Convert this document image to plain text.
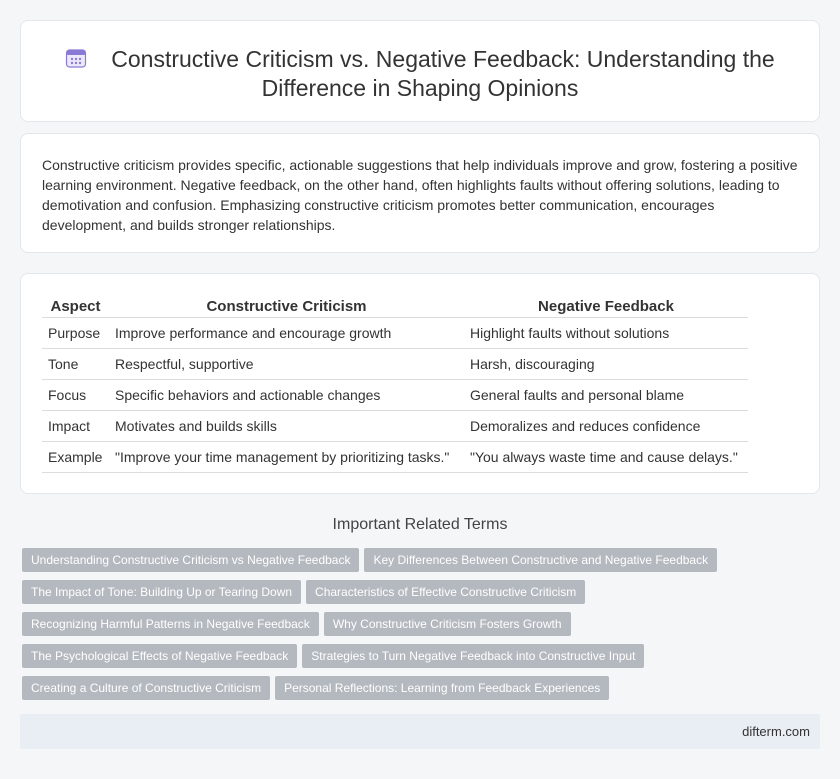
Constructive Criticism vs. Negative Feedback: Understanding the
Difference in Shaping Opinions

Constructive criticism provides specific, actionable suggestions that help individuals improve and grow, fostering a positive learning environment. Negative feedback, on the other hand, often highlights faults without offering solutions, leading to demotivation and confusion. Emphasizing constructive criticism promotes better communication, encourages development, and builds stronger relationships.

Aspect	Constructive Criticism	Negative Feedback
Purpose	Improve performance and encourage growth	Highlight faults without solutions
Tone	Respectful, supportive	Harsh, discouraging
Focus	Specific behaviors and actionable changes	General faults and personal blame
Impact	Motivates and builds skills	Demoralizes and reduces confidence
Example	"Improve your time management by prioritizing tasks."	"You always waste time and cause delays."
Important Related Terms
Understanding Constructive Criticism vs Negative Feedback Key Differences Between Constructive and Negative Feedback
The Impact of Tone: Building Up or Tearing Down Characteristics of Effective Constructive Criticism
Recognizing Harmful Patterns in Negative Feedback Why Constructive Criticism Fosters Growth
The Psychological Effects of Negative Feedback Strategies to Turn Negative Feedback into Constructive Input
Creating a Culture of Constructive Criticism Personal Reflections: Learning from Feedback Experiences
difterm.com
